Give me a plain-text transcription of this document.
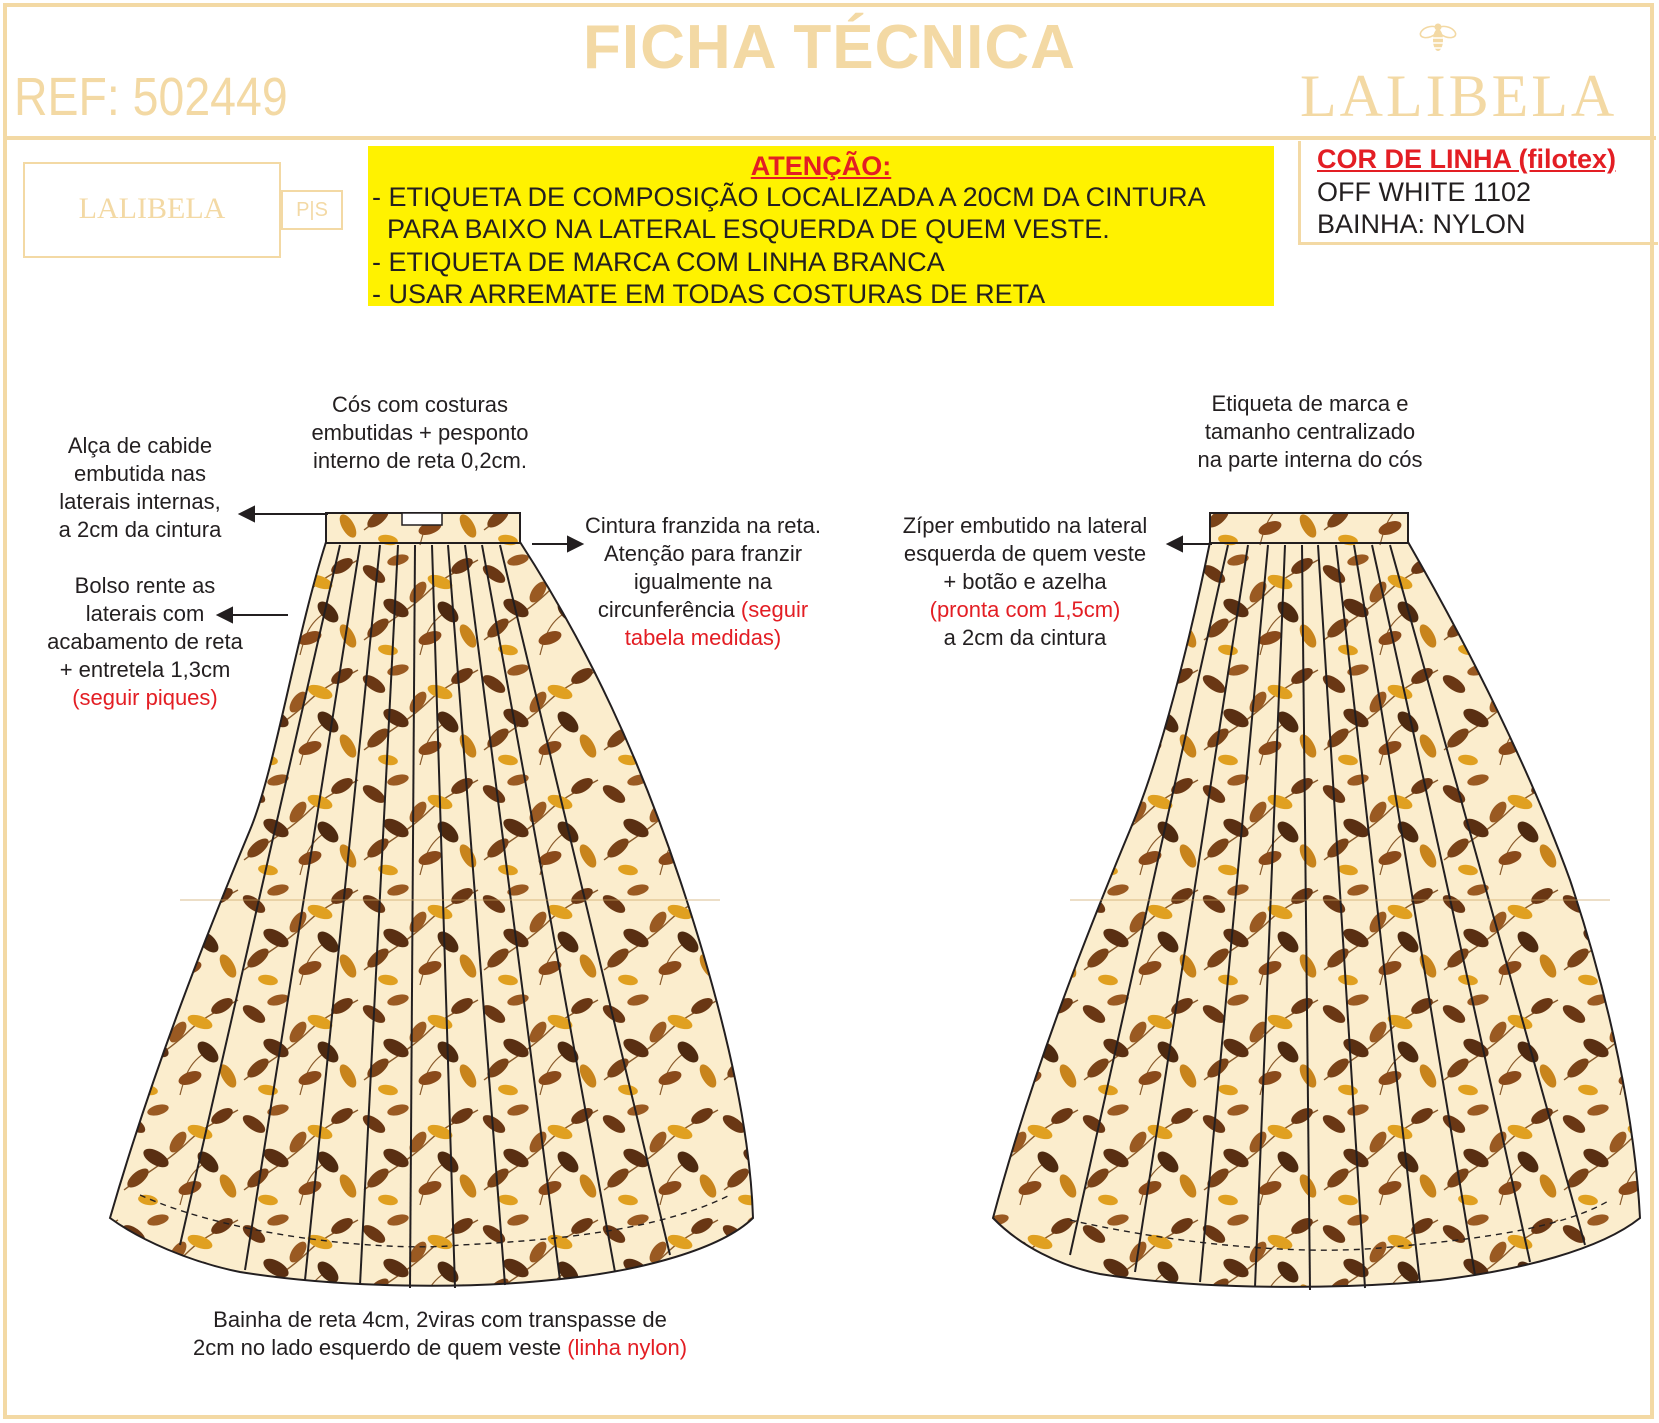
FICHA TÉCNICA
REF: 502449	LALIBELA
LALIBELA	P|S
ATENÇÃO:
- ETIQUETA DE COMPOSIÇÃO LOCALIZADA A 20CM DA CINTURA
PARA BAIXO NA LATERAL ESQUERDA DE QUEM VESTE.
- ETIQUETA DE MARCA COM LINHA BRANCA
- USAR ARREMATE EM TODAS COSTURAS DE RETA
COR DE LINHA (filotex)
OFF WHITE 1102
BAINHA: NYLON
Cós com costuras
embutidas + pesponto
interno de reta 0,2cm.
Alça de cabide
embutida nas
laterais internas,
a 2cm da cintura
Bolso rente as
laterais com
acabamento de reta
+ entretela 1,3cm
(seguir piques)
Cintura franzida na reta.
Atenção para franzir
igualmente na
circunferência (seguir
tabela medidas)
Etiqueta de marca e
tamanho centralizado
na parte interna do cós
Zíper embutido na lateral
esquerda de quem veste
+ botão e azelha
(pronta com 1,5cm)
a 2cm da cintura
Bainha de reta 4cm, 2viras com transpasse de
2cm no lado esquerdo de quem veste (linha nylon)
